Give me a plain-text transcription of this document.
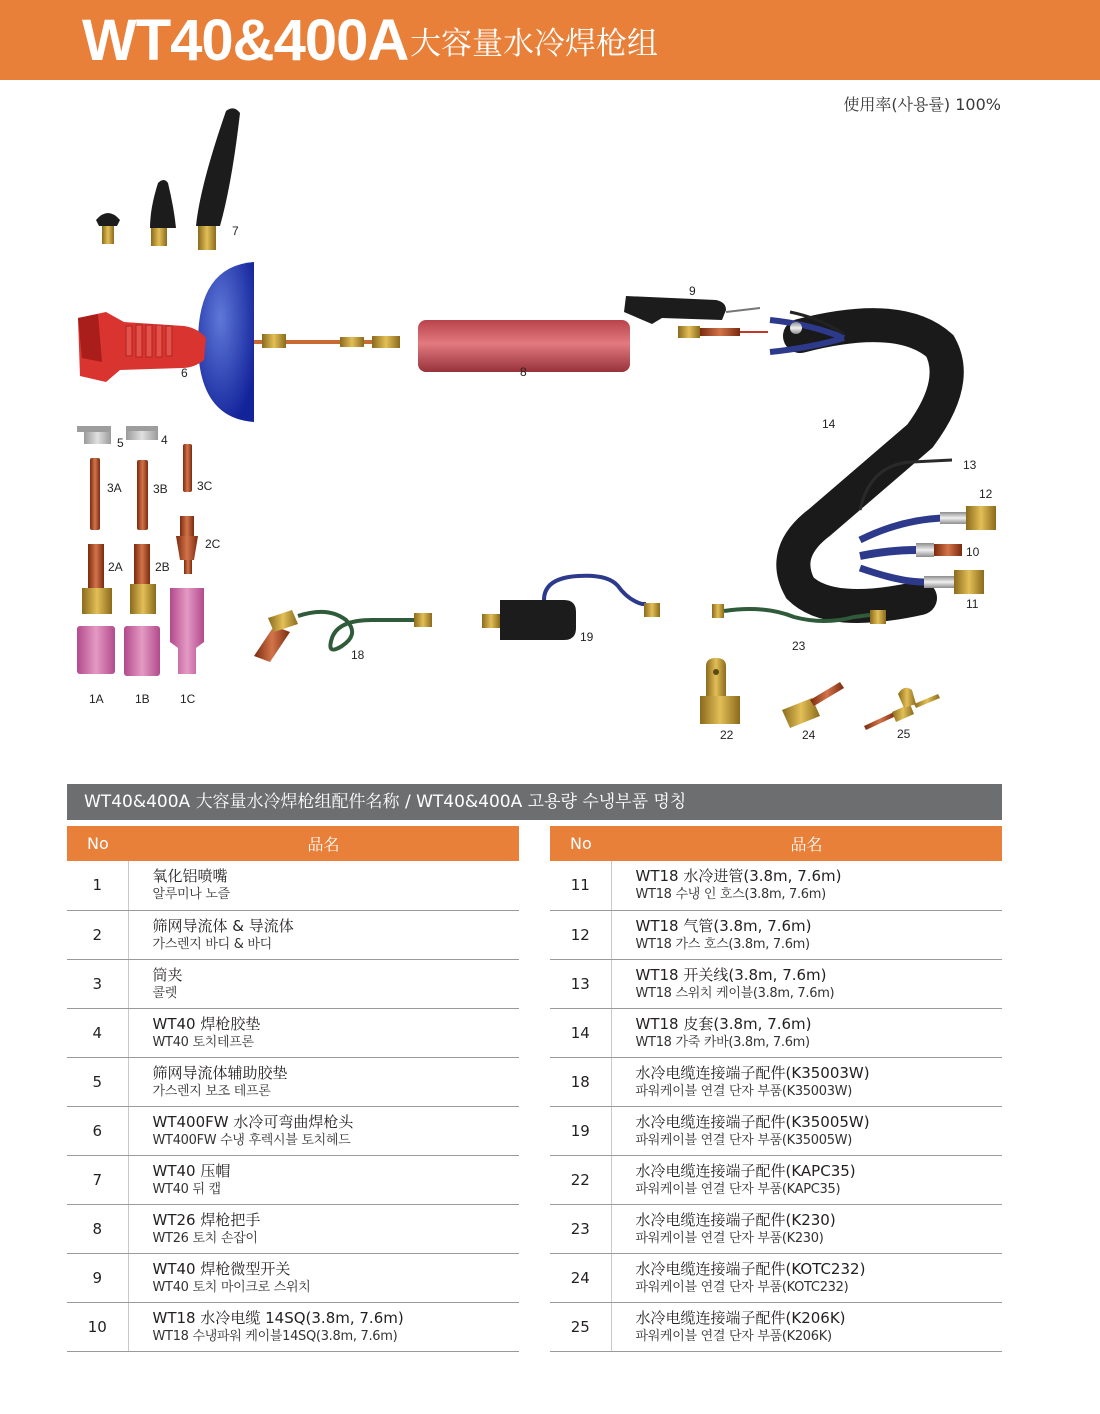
WT40&400A 大容量水冷焊枪组
使用率(사용률) 100%
7
6	8
9
14
13
12
10
11
5	4
3A	3B 3C
2A	2B
2C
1A	1B	1C
18
19
23
22	24	25
WT40&400A 大容量水冷焊枪组配件名称 / WT40&400A 고용량 수냉부품 명칭
No	品名
1	氧化铝喷嘴
알루미나 노즐

2	筛网导流体 & 导流体
가스렌지 바디 & 바디

3	筒夹
콜렛

4	WT40 焊枪胶垫
WT40 토치테프론

5	筛网导流体辅助胶垫
가스렌지 보조 테프론

6	WT400FW 水冷可弯曲焊枪头
WT400FW 수냉 후렉시블 토치헤드

7	WT40 压帽
WT40 뒤 캡

8	WT26 焊枪把手
WT26 토치 손잡이

9	WT40 焊枪微型开关
WT40 토치 마이크로 스위치

10	WT18 水冷电缆 14SQ(3.8m, 7.6m)
WT18 수냉파워 케이블14SQ(3.8m, 7.6m)
No	品名
11	WT18 水冷进管(3.8m, 7.6m)
WT18 수냉 인 호스(3.8m, 7.6m)

12	WT18 气管(3.8m, 7.6m)
WT18 가스 호스(3.8m, 7.6m)

13	WT18 开关线(3.8m, 7.6m)
WT18 스위치 케이블(3.8m, 7.6m)

14	WT18 皮套(3.8m, 7.6m)
WT18 가죽 카바(3.8m, 7.6m)

18	水冷电缆连接端子配件(K35003W)
파워케이블 연결 단자 부품(K35003W)

19	水冷电缆连接端子配件(K35005W)
파워케이블 연결 단자 부품(K35005W)

22	水冷电缆连接端子配件(KAPC35)
파워케이블 연결 단자 부품(KAPC35)

23	水冷电缆连接端子配件(K230)
파워케이블 연결 단자 부품(K230)

24	水冷电缆连接端子配件(KOTC232)
파워케이블 연결 단자 부품(KOTC232)

25	水冷电缆连接端子配件(K206K)
파워케이블 연결 단자 부품(K206K)
